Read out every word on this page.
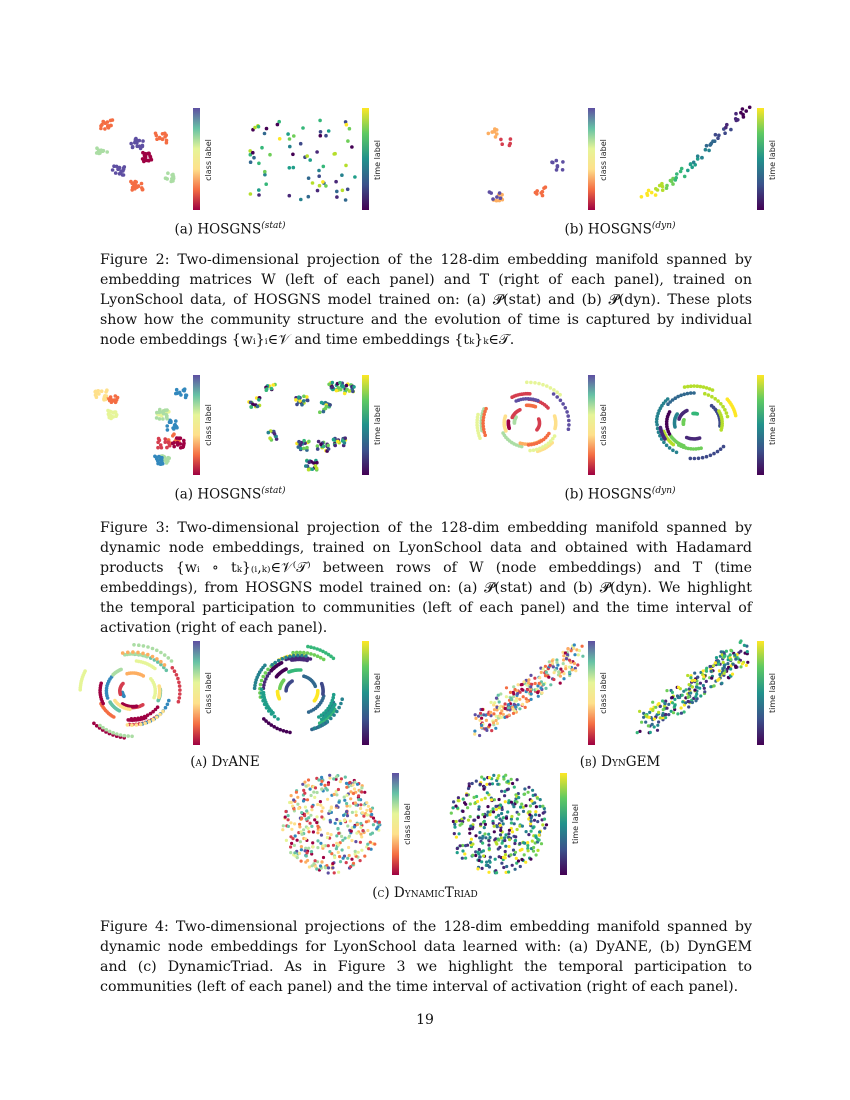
class label	time label	class label	time label
(a) $HOSGNS^{(stat)}$	(b) $HOSGNS^{(dyn)}$
Figure 2: Two-dimensional projection of the 128-dim embedding manifold spanned by embedding matrices W (left of each panel) and T (right of each panel), trained on LyonSchool data, of HOSGNS model trained on: (a) 𝓟(stat) and (b) 𝓟(dyn). These plots show how the community structure and the evolution of time is captured by individual node embeddings {wᵢ}ᵢ∈𝒱 and time embeddings {tₖ}ₖ∈𝒯.
class label	time label	class label	time label
(a) $HOSGNS^{(stat)}$	(b) $HOSGNS^{(dyn)}$
Figure 3: Two-dimensional projection of the 128-dim embedding manifold spanned by dynamic node embeddings, trained on LyonSchool data and obtained with Hadamard products {wᵢ ∘ tₖ}₍ᵢ,ₖ₎∈𝒱⁽𝒯⁾ between rows of W (node embeddings) and T (time embeddings), from HOSGNS model trained on: (a) 𝓟(stat) and (b) 𝓟(dyn). We highlight the temporal participation to communities (left of each panel) and the time interval of activation (right of each panel).
class label	time label	class label	time label
(a) DyANE	(b) DynGEM
class label	time label
(c) DynamicTriad
Figure 4: Two-dimensional projections of the 128-dim embedding manifold spanned by dynamic node embeddings for LyonSchool data learned with: (a) DyANE, (b) DynGEM and (c) DynamicTriad. As in Figure 3 we highlight the temporal participation to communities (left of each panel) and the time interval of activation (right of each panel).
19
